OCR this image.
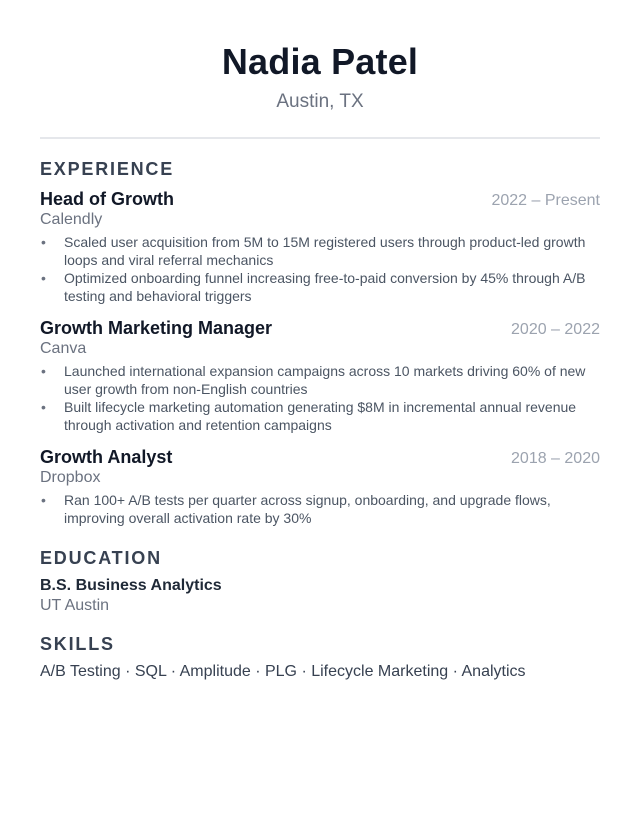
Nadia Patel
Austin, TX
EXPERIENCE
Head of Growth	2022 – Present
Calendly
• Scaled user acquisition from 5M to 15M registered users through product-led growth loops and viral referral mechanics
• Optimized onboarding funnel increasing free-to-paid conversion by 45% through A/B testing and behavioral triggers
Growth Marketing Manager	2020 – 2022
Canva
• Launched international expansion campaigns across 10 markets driving 60% of new user growth from non-English countries
• Built lifecycle marketing automation generating $8M in incremental annual revenue through activation and retention campaigns
Growth Analyst	2018 – 2020
Dropbox
• Ran 100+ A/B tests per quarter across signup, onboarding, and upgrade flows, improving overall activation rate by 30%
EDUCATION
B.S. Business Analytics
UT Austin
SKILLS
A/B Testing · SQL · Amplitude · PLG · Lifecycle Marketing · Analytics
